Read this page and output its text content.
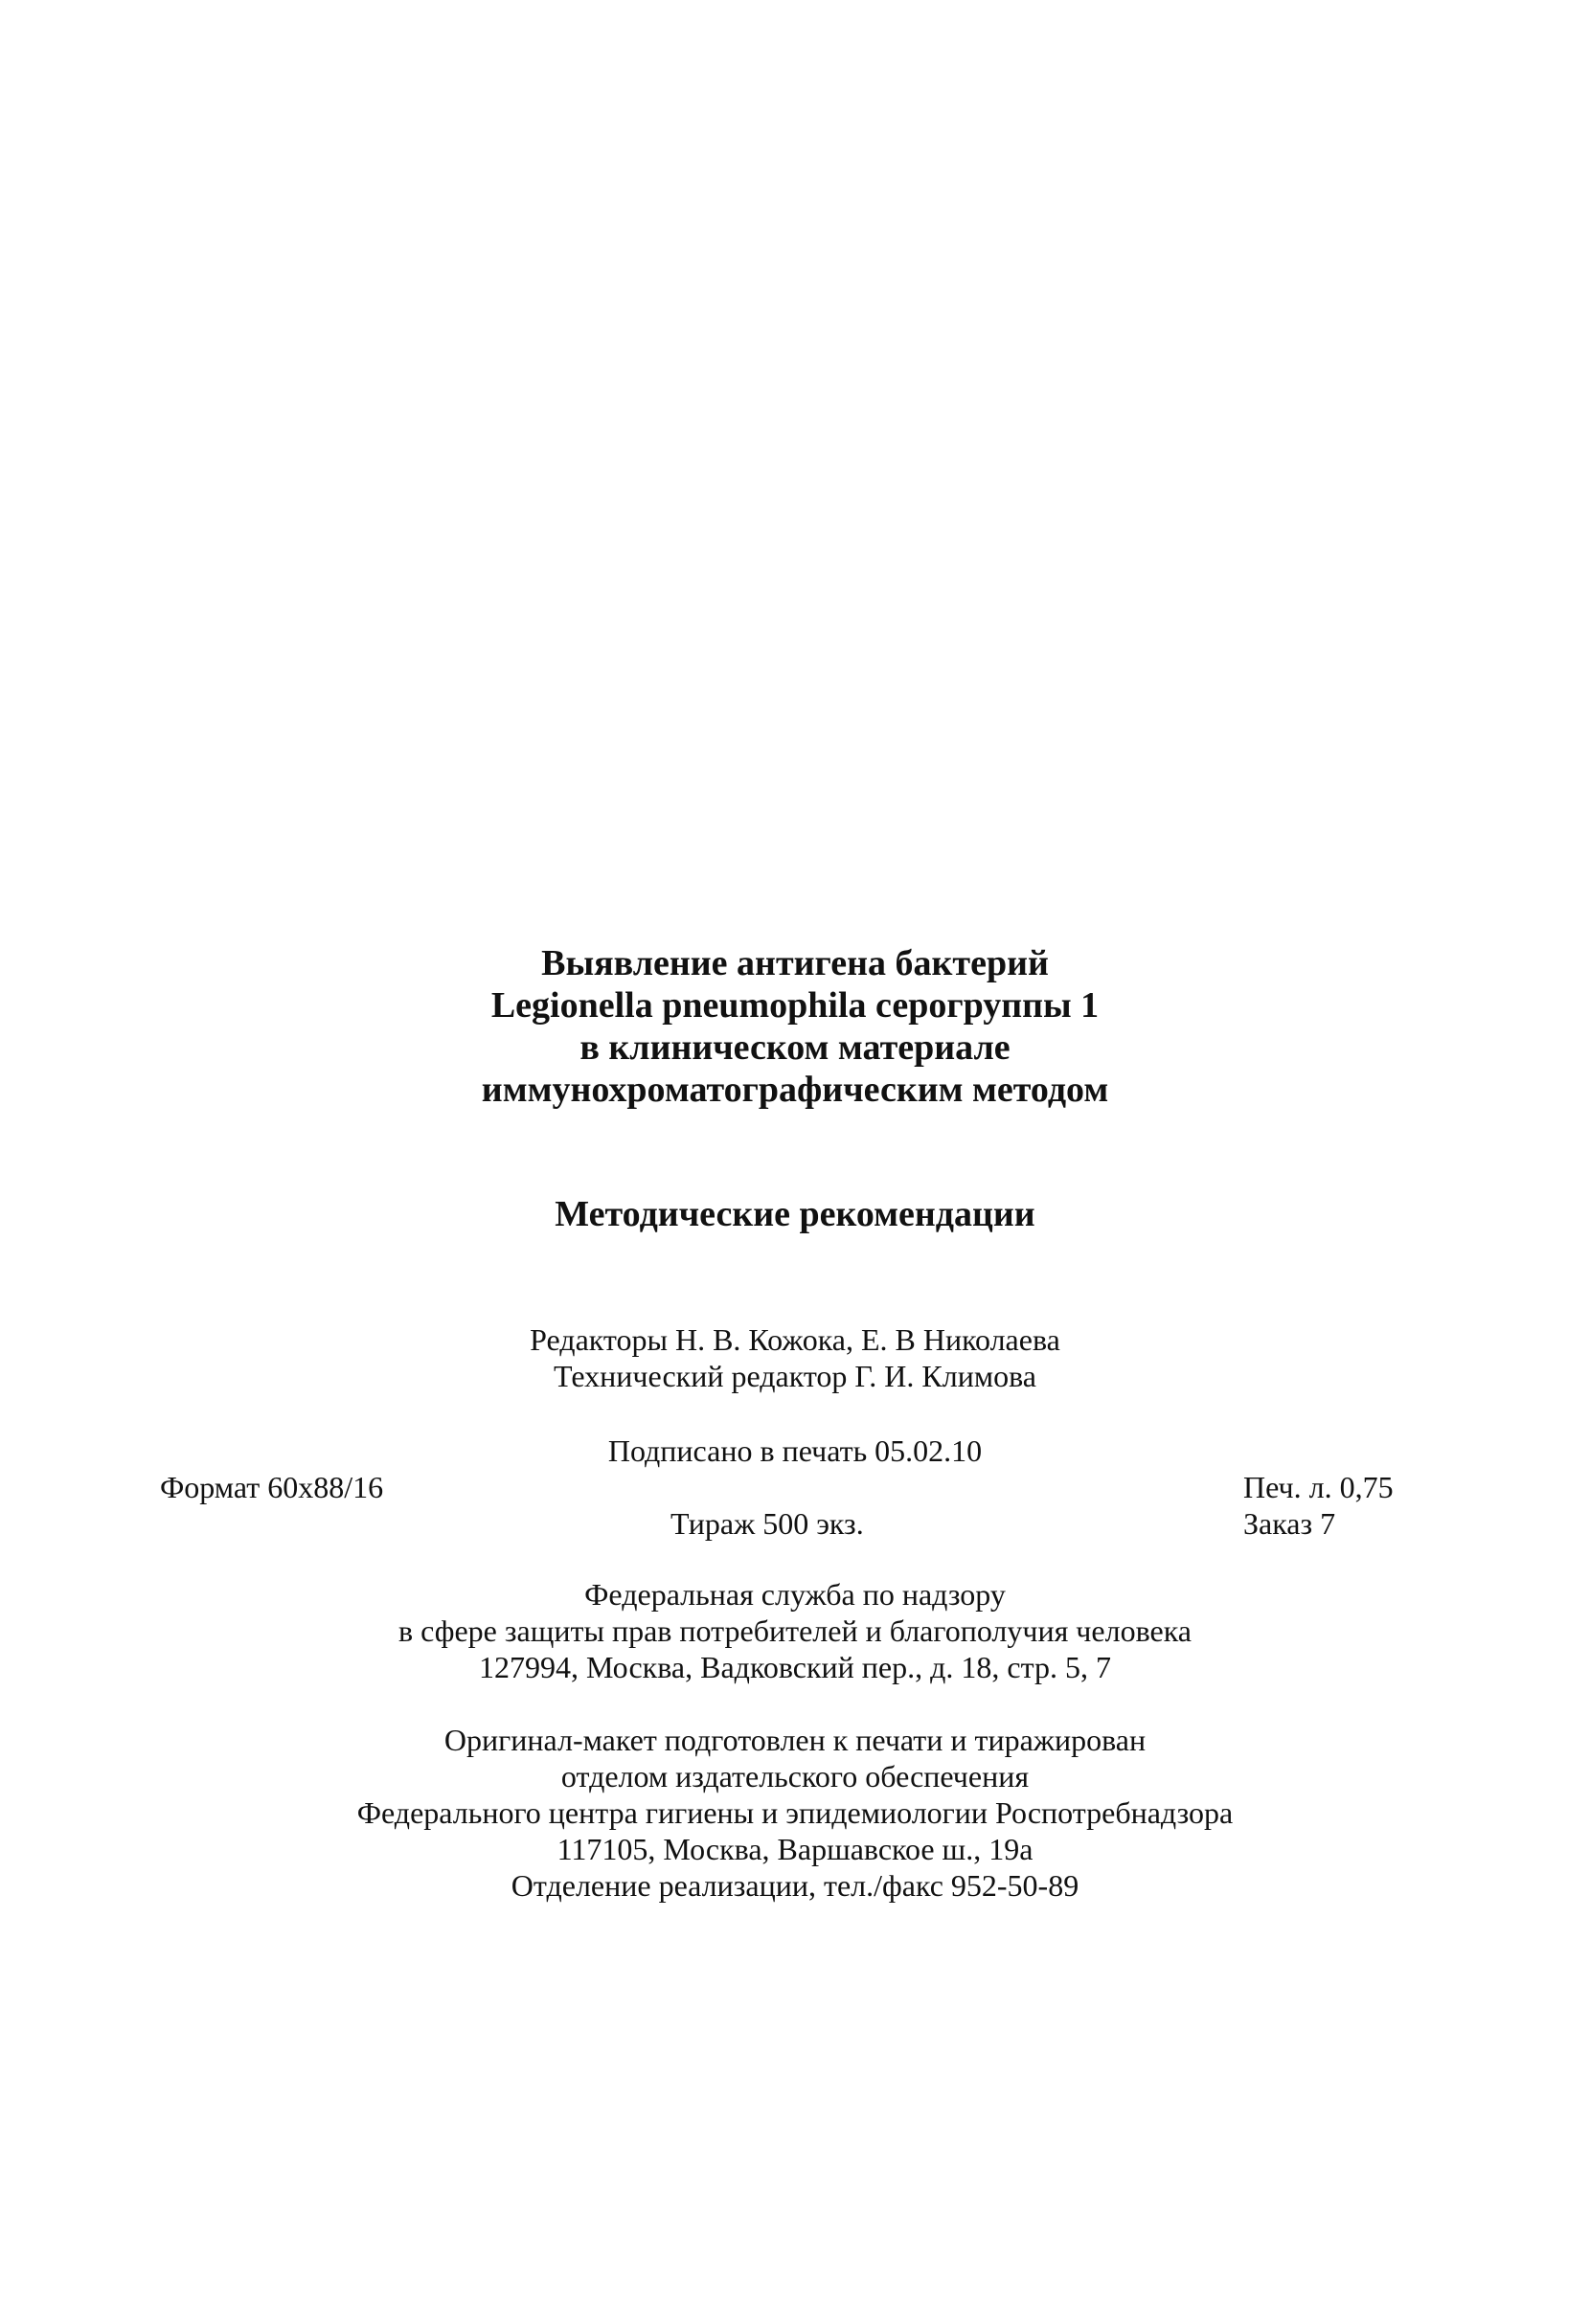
Выявление антигена бактерий
Legionella pneumophila серогруппы 1
в клиническом материале
иммунохроматографическим методом
Методические рекомендации
Редакторы Н. В. Кожока, Е. В Николаева
Технический редактор Г. И. Климова
Подписано в печать 05.02.10
Формат 60x88/16	Печ. л. 0,75
Тираж 500 экз.	Заказ 7
Федеральная служба по надзору
в сфере защиты прав потребителей и благополучия человека
127994, Москва, Вадковский пер., д. 18, стр. 5, 7
Оригинал-макет подготовлен к печати и тиражирован
отделом издательского обеспечения
Федерального центра гигиены и эпидемиологии Роспотребнадзора
117105, Москва, Варшавское ш., 19а
Отделение реализации, тел./факс 952-50-89
